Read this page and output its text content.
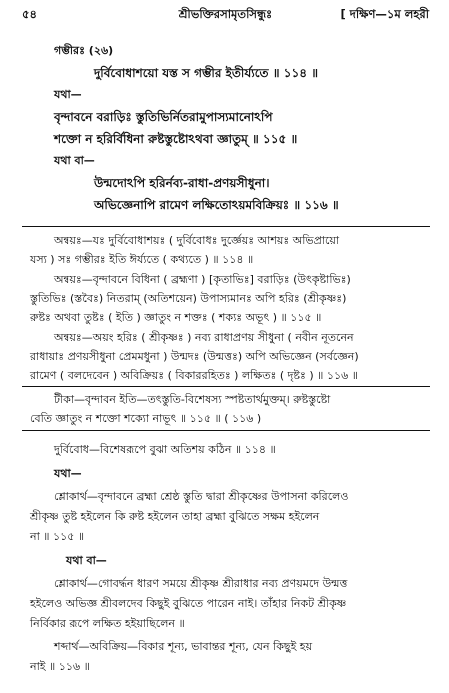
৫৪	শ্রীভক্তিরসামৃতসিন্ধুঃ	[ দক্ষিণ—১ম লহরী
গম্ভীরঃ (২৬)
দুর্বিবোধাশয়ো যস্ত স গম্ভীর ইতীর্য্যতে ॥ ১১৪ ॥
যথা—
বৃন্দাবনে বরাড়িঃ স্তুতিভির্নিতরামুপাস্যমানোঽপি
শক্তো ন হরির্বিধিনা রুষ্টস্তুষ্টোঽথবা জ্ঞাতুম্ ॥ ১১৫ ॥
যথা বা—
উন্মদোঽপি হরির্নব্য-রাধা-প্রণয়সীধুনা।
অভিজ্ঞেনাপি রামেণ লক্ষিতোঽয়মবিক্রিয়ঃ ॥ ১১৬ ॥
অন্বয়ঃ—যঃ দুর্বিবোধাশয়ঃ ( দুর্বিবোধঃ দুর্জ্ঞেয়ঃ আশয়ঃ অভিপ্রায়ো
যস্য ) সঃ গম্ভীরঃ ইতি ঈর্য্যতে ( কথ্যতে ) ॥ ১১৪ ॥
অন্বয়ঃ—বৃন্দাবনে বিধিনা ( ব্রহ্মণা ) [কৃতাভিঃ] বরাড়িঃ (উৎকৃষ্টাভিঃ)
স্তুতিভিঃ (স্তবৈঃ) নিতরাম্ (অতিশয়েন) উপাস্যমানঃ অপি হরিঃ (শ্রীকৃষ্ণঃ)
রুষ্টঃ অথবা তুষ্টঃ ( ইতি ) জ্ঞাতুং ন শক্তঃ ( শক্যঃ অভূৎ ) ॥ ১১৫ ॥
অন্বয়ঃ—অয়ং হরিঃ ( শ্রীকৃষ্ণঃ ) নব্য রাধাপ্রণয় সীধুনা ( নবীন নূতনেন
রাধায়াঃ প্রণয়সীধুনা প্রেমমধুনা ) উন্মদঃ (উন্মত্তঃ) অপি অভিজ্ঞেন (সর্বজ্ঞেন)
রামেণ ( বলদেবেন ) অবিক্রিয়ঃ ( বিকাররহিতঃ ) লক্ষিতঃ ( দৃষ্টঃ ) ॥ ১১৬ ॥
টীকা—বৃন্দাবন ইতি—তৎস্তুতি-বিশেষস্য স্পষ্টতার্থমুক্তম্। রুষ্টস্তুষ্টো
বেতি জ্ঞাতুং ন শক্তো শক্যো নাভূৎ ॥ ১১৫ ॥ ( ১১৬ )
দুর্বিবোধ—বিশেষরূপে বুঝা অতিশয় কঠিন ॥ ১১৪ ॥
যথা—
শ্লোকার্থ—বৃন্দাবনে ব্রহ্মা শ্রেষ্ঠ স্তুতি দ্বারা শ্রীকৃষ্ণের উপাসনা করিলেও
শ্রীকৃষ্ণ তুষ্ট হইলেন কি রুষ্ট হইলেন তাহা ব্রহ্মা বুঝিতে সক্ষম হইলেন
না ॥ ১১৫ ॥
যথা বা—
শ্লোকার্থ—গোবর্দ্ধন ধারণ সময়ে শ্রীকৃষ্ণ শ্রীরাধার নব্য প্রণয়মদে উন্মত্ত
হইলেও অভিজ্ঞ শ্রীবলদেব কিছুই বুঝিতে পারেন নাই। তাঁহার নিকট শ্রীকৃষ্ণ
নির্বিকার রূপে লক্ষিত হইয়াছিলেন ॥
শব্দার্থ—অবিক্রিয়—বিকার শূন্য, ভাবান্তর শূন্য, যেন কিছুই হয়
নাই ॥ ১১৬ ॥
